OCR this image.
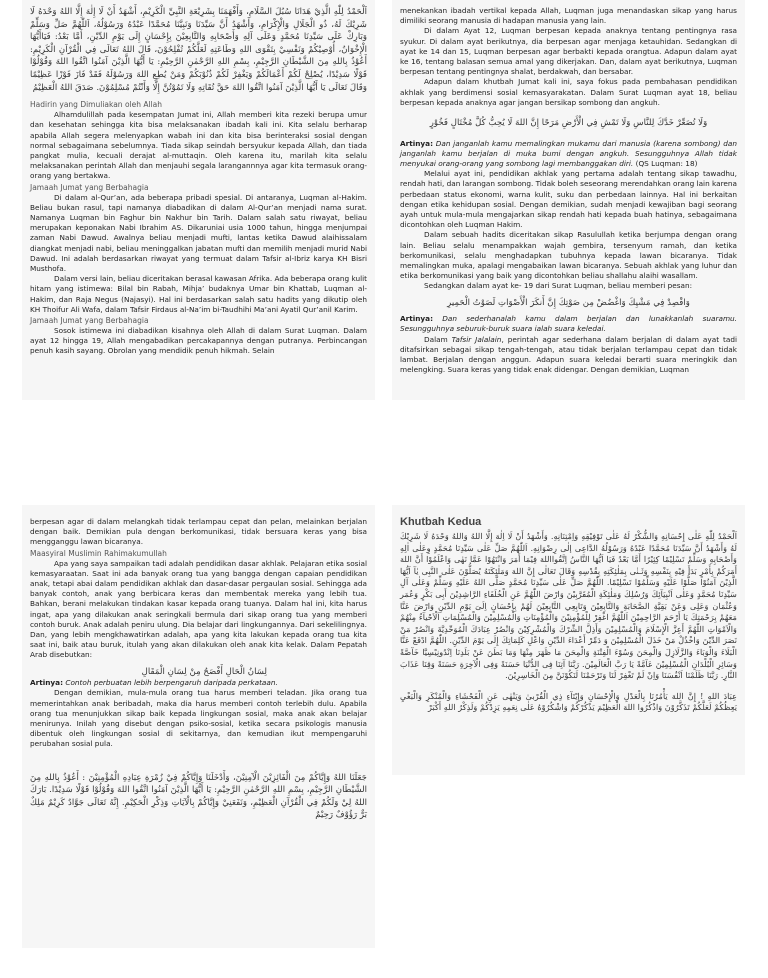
اَلْحَمْدُ لِلّٰهِ الَّذِيْ هَدَانَا سُبُلَ السَّلَامِ، وَأَفْهَمَنَا بِشَرِيْعَةِ النَّبِيِّ الْكَرِيْمِ، أَشْهَدُ أَنْ لَا إِلٰهَ إِلَّا اللهُ وَحْدَهُ لَا شَرِيْكَ لَهُ، ذُو الْجَلَالِ وَالْإِكْرَامِ، وَأَشْهَدُ أَنَّ سَيِّدَنَا وَنَبِيَّنَا مُحَمَّدًا عَبْدُهُ وَرَسُوْلُهُ، اَللّٰهُمَّ صَلِّ وَسَلِّمْ وَبَارِكْ عَلَى سَيِّدِنَا مُحَمَّدٍ وَعَلَى آلِهِ وَأَصْحَابِهِ وَالتَّابِعِيْنَ بِإِحْسَانٍ إِلَى يَوْمِ الدِّيْنِ، أَمَّا بَعْدُ: فَيَاأَيُّهَا الْإِخْوَانُ، أُوْصِيْكُمْ وَنَفْسِيْ بِتَقْوَى اللهِ وَطَاعَتِهِ لَعَلَّكُمْ تُفْلِحُوْنَ، قَالَ اللهُ تَعَالَى فِي الْقُرْآنِ الْكَرِيْمِ: أَعُوْذُ بِاللهِ مِنَ الشَّيْطَانِ الرَّجِيْمِ، بِسْمِ اللهِ الرَّحْمٰنِ الرَّحِيْمِ: يَا أَيُّهَا الَّذِيْنَ آمَنُوا اتَّقُوا اللهَ وَقُوْلُوْا قَوْلًا سَدِيْدًا، يُصْلِحْ لَكُمْ أَعْمَالَكُمْ وَيَغْفِرْ لَكُمْ ذُنُوْبَكُمْ وَمَنْ يُطِعِ اللهَ وَرَسُوْلَهُ فَقَدْ فَازَ فَوْزًا عَظِيْمًا وَقَالَ تَعَالَى يَا أَيُّهَا الَّذِيْنَ آمَنُوا اتَّقُوا اللهَ حَقَّ تُقَاتِهِ وَلَا تَمُوْتُنَّ إِلَّا وَأَنْتُمْ مُسْلِمُوْنَ. صَدَقَ اللهُ الْعَظِيْمُ

Hadirin yang Dimuliakan oleh Allah

Alhamdulillah pada kesempatan Jumat ini, Allah memberi kita rezeki berupa umur dan kesehatan sehingga kita bisa melaksanakan ibadah kali ini. Kita selalu berharap apabila Allah segera melenyapkan wabah ini dan kita bisa berinteraksi sosial dengan normal sebagaimana sebelumnya. Tiada sikap seindah bersyukur kepada Allah, dan tiada pangkat mulia, kecuali derajat al-muttaqin. Oleh karena itu, marilah kita selalu melaksanakan perintah Allah dan menjauhi segala larangannnya agar kita termasuk orang-orang yang bertakwa.

Jamaah Jumat yang Berbahagia

Di dalam al-Qur’an, ada beberapa pribadi spesial. Di antaranya, Luqman al-Hakim. Beliau bukan rasul, tapi namanya diabadikan di dalam Al-Qur’an menjadi nama surat. Namanya Luqman bin Faghur bin Nakhur bin Tarih. Dalam salah satu riwayat, beliau merupakan keponakan Nabi Ibrahim AS. Dikaruniai usia 1000 tahun, hingga menjumpai zaman Nabi Dawud. Awalnya beliau menjadi mufti, lantas ketika Dawud alaihissalam diangkat menjadi nabi, beliau meninggalkan jabatan mufti dan memilih menjadi murid Nabi Dawud. Ini adalah berdasarkan riwayat yang termuat dalam Tafsir al-Ibriz karya KH Bisri Musthofa.

Dalam versi lain, beliau diceritakan berasal kawasan Afrika. Ada beberapa orang kulit hitam yang istimewa: Bilal bin Rabah, Mihja’ budaknya Umar bin Khattab, Luqman al-Hakim, dan Raja Negus (Najasyi). Hal ini berdasarkan salah satu hadits yang dikutip oleh KH Thoifur Ali Wafa, dalam Tafsir Firdaus al-Na’im bi-Taudhihi Ma’ani Ayatil Qur’anil Karim.

Jamaah Jumat yang Berbahagia

Sosok istimewa ini diabadikan kisahnya oleh Allah di dalam Surat Luqman. Dalam ayat 12 hingga 19, Allah mengabadikan percakapannya dengan putranya. Perbincangan penuh kasih sayang. Obrolan yang mendidik penuh hikmah. Selain

menekankan ibadah vertikal kepada Allah, Luqman juga menandaskan sikap yang harus dimiliki seorang manusia di hadapan manusia yang lain.

Di dalam Ayat 12, Luqman berpesan kepada anaknya tentang pentingnya rasa syukur. Di dalam ayat berikutnya, dia berpesan agar menjaga ketauhidan. Sedangkan di ayat ke 14 dan 15, Luqman berpesan agar berbakti kepada orangtua. Adapun dalam ayat ke 16, tentang balasan semua amal yang dikerjakan. Dan, dalam ayat berikutnya, Luqman berpesan tentang pentingnya shalat, berdakwah, dan bersabar.

Adapun dalam khutbah Jumat kali ini, saya fokus pada pembahasan pendidikan akhlak yang berdimensi sosial kemasyarakatan. Dalam Surat Luqman ayat 18, beliau berpesan kepada anaknya agar jangan bersikap sombong dan angkuh.

وَلَا تُصَعِّرْ خَدَّكَ لِلنَّاسِ وَلَا تَمْشِ فِي الْأَرْضِ مَرَحًا إِنَّ اللهَ لَا يُحِبُّ كُلَّ مُخْتَالٍ فَخُوْرٍ

Artinya: Dan janganlah kamu memalingkan mukamu dari manusia (karena sombong) dan janganlah kamu berjalan di muka bumi dengan angkuh. Sesungguhnya Allah tidak menyukai orang-orang yang sombong lagi membanggakan diri. (QS Luqman: 18)

Melalui ayat ini, pendidikan akhlak yang pertama adalah tentang sikap tawadhu, rendah hati, dan larangan sombong. Tidak boleh seseorang merendahkan orang lain karena perbedaan status ekonomi, warna kulit, suku dan perbedaan lainnya. Hal ini berkaitan dengan etika kehidupan sosial. Dengan demikian, sudah menjadi kewajiban bagi seorang ayah untuk mula-mula mengajarkan sikap rendah hati kepada buah hatinya, sebagaimana dicontohkan oleh Luqman Hakim.

Dalam sebuah hadits diceritakan sikap Rasulullah ketika berjumpa dengan orang lain. Beliau selalu menampakkan wajah gembira, tersenyum ramah, dan ketika berkomunikasi, selalu menghadapkan tubuhnya kepada lawan bicaranya. Tidak memalingkan muka, apalagi mengabaikan lawan bicaranya. Sebuah akhlak yang luhur dan etika berkomunikasi yang baik yang dicontohkan beliau shallahu alaihi wasallam.

Sedangkan dalam ayat ke- 19 dari Surat Luqman, beliau memberi pesan:

وَاقْصِدْ فِي مَشْيِكَ وَاغْضُضْ مِن صَوْتِكَ إِنَّ أَنكَرَ الْأَصْوَاتِ لَصَوْتُ الْحَمِيرِ

Artinya: Dan sederhanalah kamu dalam berjalan dan lunakkanlah suaramu. Sesungguhnya seburuk-buruk suara ialah suara keledai.

Dalam Tafsir Jalalain, perintah agar sederhana dalam berjalan di dalam ayat tadi ditafsirkan sebagai sikap tengah-tengah, atau tidak berjalan terlampau cepat dan tidak lambat. Berjalan dengan anggun. Adapun suara keledai berarti suara meringkik dan melengking. Suara keras yang tidak enak didengar. Dengan demikian, Luqman

berpesan agar di dalam melangkah tidak terlampau cepat dan pelan, melainkan berjalan dengan baik. Demikian pula dengan berkomunikasi, tidak bersuara keras yang bisa mengganggu lawan bicaranya.

Maasyiral Muslimin Rahimakumullah

Apa yang saya sampaikan tadi adalah pendidikan dasar akhlak. Pelajaran etika sosial kemasyaraatan. Saat ini ada banyak orang tua yang bangga dengan capaian pendidikan anak, tetapi abai dalam pendidikan akhlak dan dasar-dasar pergaulan sosial. Sehingga ada banyak contoh, anak yang berbicara keras dan membentak mereka yang lebih tua. Bahkan, berani melakukan tindakan kasar kepada orang tuanya. Dalam hal ini, kita harus ingat, apa yang dilakukan anak seringkali bermula dari sikap orang tua yang memberi contoh buruk. Anak adalah peniru ulung. Dia belajar dari lingkungannya. Dari sekelilingnya. Dan, yang lebih mengkhawatirkan adalah, apa yang kita lakukan kepada orang tua kita saat ini, baik atau buruk, itulah yang akan dilakukan oleh anak kita kelak. Dalam Pepatah Arab disebutkan:

لِسَانُ الْحَالِ أَفْصَحُ مِنْ لِسَانِ الْمَقَالِ

Artinya: Contoh perbuatan lebih berpengaruh daripada perkataan.

Dengan demikian, mula-mula orang tua harus memberi teladan. Jika orang tua memerintahkan anak beribadah, maka dia harus memberi contoh terlebih dulu. Apabila orang tua menunjukkan sikap baik kepada lingkungan sosial, maka anak akan belajar menirunya. Inilah yang disebut dengan psiko-sosial, ketika secara psikologis manusia dibentuk oleh lingkungan sosial di sekitarnya, dan kemudian ikut mempengaruhi perubahan sosial pula.

جَعَلَنَا اللهُ وَإِيَّاكُمْ مِنَ الْفَائِزِيْنَ الْآمِنِيْنَ، وَأَدْخَلَنَا وَإِيَّاكُمْ فِيْ زُمْرَةِ عِبَادِهِ الْمُؤْمِنِيْنَ : أَعُوْذُ بِاللهِ مِنَ الشَّيْطَانِ الرَّجِيْمِ، بِسْمِ اللهِ الرَّحْمٰنِ الرَّحِيْمِ: يَا أَيُّهَا الَّذِيْنَ آمَنُوا اتَّقُوا اللهَ وَقُوْلُوْا قَوْلًا سَدِيْدًا. بَارَكَ اللهُ لِيْ وَلَكُمْ فِي الْقُرْآنِ الْعَظِيْمِ، وَنَفَعَنِيْ وَإِيَّاكُمْ بِالْآيَاتِ وَذِكْرِ الْحَكِيْمِ. إِنَّهُ تَعَالَى جَوَّادٌ كَرِيْمٌ مَلِكٌ بَرٌّ رَؤُوْفٌ رَحِيْمٌ

Khutbah Kedua

اَلْحَمْدُ لِلّٰهِ عَلٰى إِحْسَانِهِ وَالشُّكْرُ لَهُ عَلٰى تَوْفِيْقِهِ وَاِمْتِنَانِهِ. وَأَشْهَدُ أَنْ لَا اِلٰهَ إِلَّا اللهُ وَاللهُ وَحْدَهُ لَا شَرِيْكَ لَهُ وَأَشْهَدُ أَنَّ سَيِّدَنَا مُحَمَّدًا عَبْدُهُ وَرَسُوْلُهُ الدَّاعِى إلٰى رِضْوَانِهِ. اَللّٰهُمَّ صَلِّ عَلٰى سَيِّدِنَا مُحَمَّدٍ وِعَلٰى اٰلِهِ وَأَصْحَابِهِ وَسَلِّمْ تَسْلِيْمًا كِثِيْرًا أَمَّا بَعْدُ فَيَا اَيُّهَا النَّاسُ اِتَّقُوااللهَ فِيْمَا أَمَرَ وَانْتَهُوْا عَمَّا نَهٰى وَاعْلَمُوْا أَنَّ اللهَ أَمَرَكُمْ بِأَمْرٍ بَدَأَ فِيْهِ بِنَفْسِهِ وَثَـنٰى بِمَلٰئِكَتِهِ بِقُدْسِهِ وَقَالَ تَعَالٰى إِنَّ اللهَ وَمَلٰئِكَتَهُ يُصَلُّوْنَ عَلٰى النَّبِى يٰآ اَيُّهَا الَّذِيْنَ آمَنُوْا صَلُّوْا عَلَيْهِ وَسَلِّمُوْا تَسْلِيْمًا. اللّٰهُمَّ صَلِّ عَلٰى سَيِّدِنَا مُحَمَّدٍ صَلَّى اللهُ عَلَيْهِ وَسَلِّمْ وَعَلٰى آلِ سَيِّدِنَا مُحَمَّدٍ وَعَلٰى اَنْبِيَآئِكَ وَرُسُلِكَ وَمَلٰئِكَةِ الْمُقَرَّبِيْنَ وَارْضَ اللّٰهُمَّ عَنِ الْخُلَفَاءِ الرَّاشِدِيْنَ أَبِى بَكْرٍ وَعُمَر وَعُثْمَان وَعَلِى وَعَنْ بَقِيَّةِ الصَّحَابَةِ وَالتَّابِعِيْنَ وَتَابِعِي التَّابِعِيْنَ لَهُمْ بِاِحْسَانٍ اِلَىَ يَوْمِ الدِّيْنِ وَارْضَ عَنَّا مَعَهُمْ بِرَحْمَتِكَ يَا أَرْحَمَ الرَّاحِمِيْنَ اَللّٰهُمَّ اغْفِرْ لِلْمُؤْمِنِيْنَ وَالْمُؤْمِنَاتِ وَالْمُسْلِمِيْنَ وَالْمُسْلِمَاتِ اَلْاَحْيآءُ مِنْهُمْ وَالْاَمْوَاتِ اللّٰهُمَّ أَعِزَّ الْإِسْلَامَ وَالْمُسْلِمِيْنَ وَأَذِلَّ الشِّرْكَ وَالْمُشْرِكِيْنَ وَانْصُرْ عِبَادَكَ الْمُوَحِّدِيَّةَ وَانْصُرْ مَنْ نَصَرَ الدِّيْنَ وَاخْذُلْ مَنْ خَذَلَ الْمُسْلِمِيْنَ وَ دَمِّرْ أَعْدَاءَ الدِّيْنِ وَاعْلِ كَلِمَاتِكَ إِلَى يَوْمَ الدِّيْنِ. اللّٰهُمَّ ادْفَعْ عَنَّا الْبَلَاءَ وَالْوَبَاءَ وَالزَّلَازِلَ وَالْمِحَنَ وَسُوْءَ الْفِتْنَةِ وَالْمِحَنَ مَا ظَهَرَ مِنْهَا وَمَا بَطَنَ عَنْ بَلَدِنَا اِنْدُونِيْسِيَّا خَآصَّةً وَسَائِرِ الْبُلْدَانِ الْمُسْلِمِيْنَ عَآمَّةً يَا رَبَّ الْعَالَمِيْنَ. رَبَّنَا آتِنَا فِى الدُّنْيَا حَسَنَةً وَفِى الْآخِرَةِ حَسَنَةً وَقِنَا عَذَابَ النَّارِ. رَبَّنَا ظَلَمْنَا اَنْفُسَنَا وَاِنْ لَمْ تَغْفِرْ لَنَا وَتَرْحَمْنَا لَنَكُوْنَنَّ مِنَ الْخَاسِرِيْنَ.

عِبَادَ اللهِ ! إِنَّ اللهَ يَأْمُرُنَا بِالْعَدْلِ وَالْإِحْسَانِ وَإِيْتَآءِ ذِي الْقُرْبىٰ وَيَنْهٰى عَنِ الْفَحْشَاءِ وَالْمُنْكَرِ وَالْبَغْيِ يَعِظُكُمْ لَعَلَّكُمْ تَذَكَّرُوْنَ وَاذْكُرُوا اللهَ الْعَظِيْمَ يَذْكُرْكُمْ وَاشْكُرُوْهُ عَلٰى نِعَمِهِ يَزِدْكُمْ وَلَذِكْرُ اللهِ أَكْبَرْ
